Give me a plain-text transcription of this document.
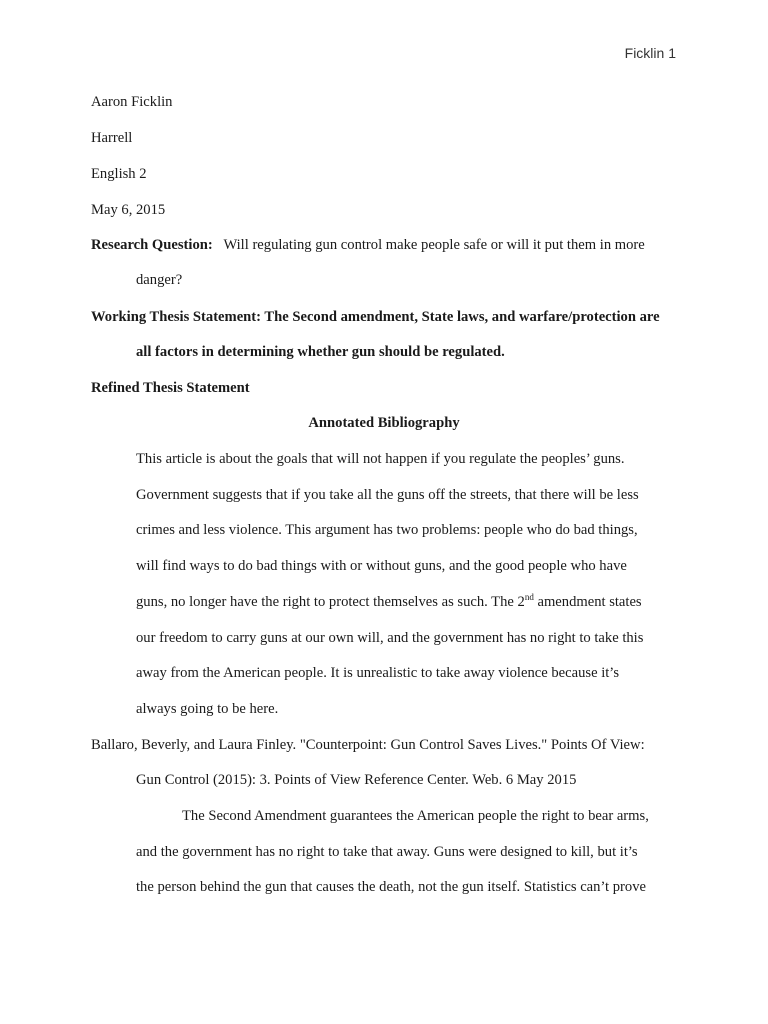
Ficklin 1
Aaron Ficklin
Harrell
English 2
May 6, 2015
Research Question: Will regulating gun control make people safe or will it put them in more
danger?
Working Thesis Statement: The Second amendment, State laws, and warfare/protection are
all factors in determining whether gun should be regulated.
Refined Thesis Statement
Annotated Bibliography
This article is about the goals that will not happen if you regulate the peoples’ guns.
Government suggests that if you take all the guns off the streets, that there will be less
crimes and less violence. This argument has two problems: people who do bad things,
will find ways to do bad things with or without guns, and the good people who have
guns, no longer have the right to protect themselves as such. The 2nd amendment states
our freedom to carry guns at our own will, and the government has no right to take this
away from the American people. It is unrealistic to take away violence because it’s
always going to be here.
Ballaro, Beverly, and Laura Finley. "Counterpoint: Gun Control Saves Lives." Points Of View:
Gun Control (2015): 3. Points of View Reference Center. Web. 6 May 2015
The Second Amendment guarantees the American people the right to bear arms,
and the government has no right to take that away. Guns were designed to kill, but it’s
the person behind the gun that causes the death, not the gun itself. Statistics can’t prove
